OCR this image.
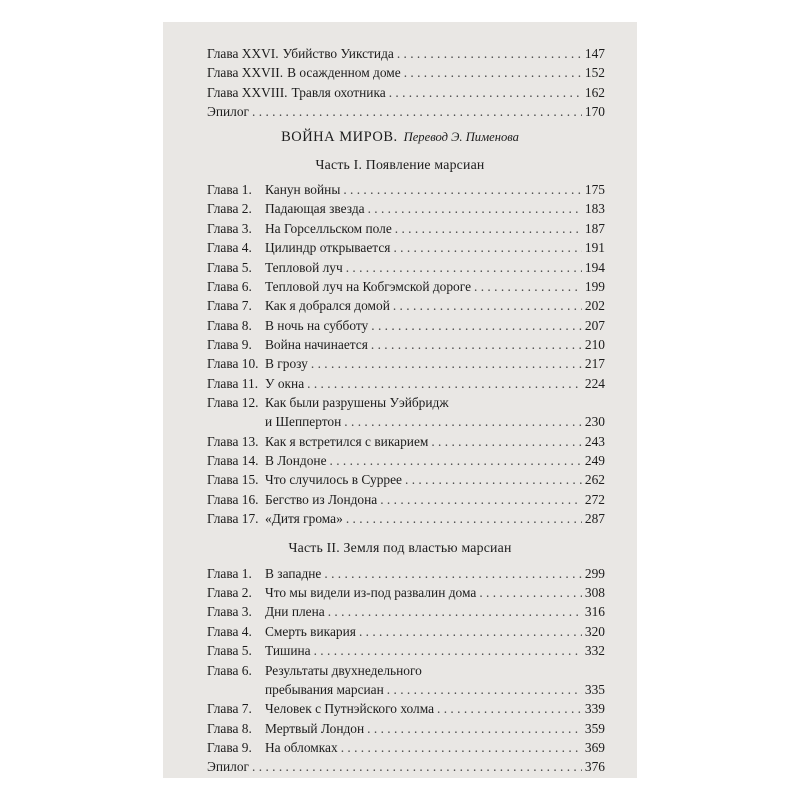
Глава XXVI. Убийство Уикстида . . .	147
Глава XXVII. В осажденном доме . . .	152
Глава XXVIII. Травля охотника . . .	162
Эпилог . . .	170
ВОЙНА МИРОВ. Перевод Э. Пименова
Часть I. Появление марсиан
Глава 1. Канун войны . . .	175
Глава 2. Падающая звезда . . .	183
Глава 3. На Горселльском поле . . .	187
Глава 4. Цилиндр открывается . . .	191
Глава 5. Тепловой луч . . .	194
Глава 6. Тепловой луч на Кобгэмской дороге . . .	199
Глава 7. Как я добрался домой . . .	202
Глава 8. В ночь на субботу . . .	207
Глава 9. Война начинается . . .	210
Глава 10. В грозу . . .	217
Глава 11. У окна . . .	224
Глава 12. Как были разрушены Уэйбридж
и Шеппертон . . .	230
Глава 13. Как я встретился с викарием . . .	243
Глава 14. В Лондоне . . .	249
Глава 15. Что случилось в Суррее . . .	262
Глава 16. Бегство из Лондона . . .	272
Глава 17. «Дитя грома» . . .	287
Часть II. Земля под властью марсиан
Глава 1. В западне . . .	299
Глава 2. Что мы видели из-под развалин дома . . .	308
Глава 3. Дни плена . . .	316
Глава 4. Смерть викария . . .	320
Глава 5. Тишина . . .	332
Глава 6. Результаты двухнедельного
пребывания марсиан . . .	335
Глава 7. Человек с Путнэйского холма . . .	339
Глава 8. Мертвый Лондон . . .	359
Глава 9. На обломках . . .	369
Эпилог . . .	376
